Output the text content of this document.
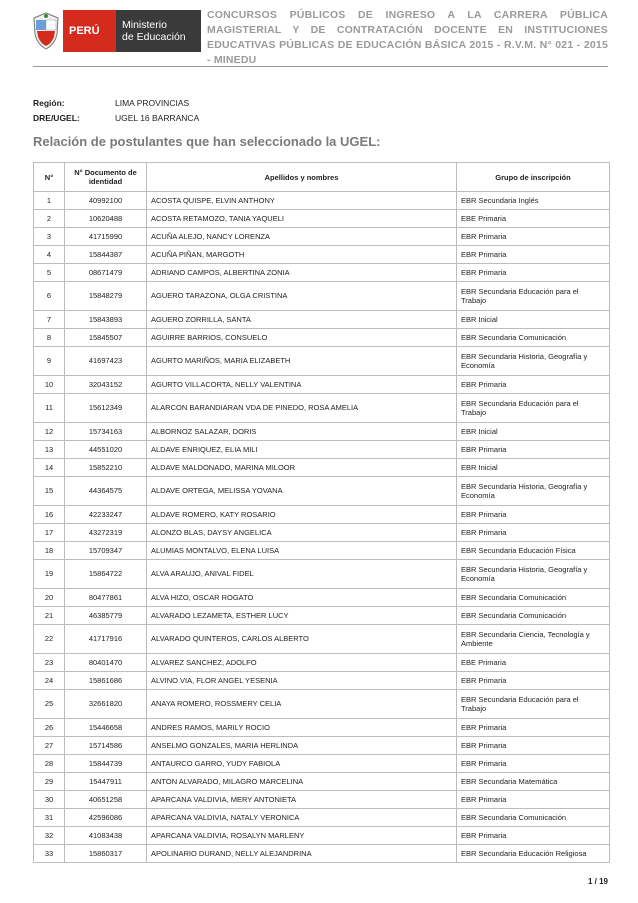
PERÚ	Ministerio
de Educación
CONCURSOS PÚBLICOS DE INGRESO A LA CARRERA PÚBLICA MAGISTERIAL Y DE CONTRATACIÓN DOCENTE EN INSTITUCIONES EDUCATIVAS PÚBLICAS DE EDUCACIÓN BÁSICA 2015 - R.V.M. N° 021 - 2015 - MINEDU
Región:	LIMA PROVINCIAS
DRE/UGEL:	UGEL 16 BARRANCA
Relación de postulantes que han seleccionado la UGEL:
N°	N° Documento de identidad	Apellidos y nombres	Grupo de inscripción
1	40992100	ACOSTA QUISPE, ELVIN ANTHONY	EBR Secundaria Inglés
2	10620488	ACOSTA RETAMOZO, TANIA YAQUELI	EBE Primaria
3	41715990	ACUÑA ALEJO, NANCY LORENZA	EBR Primaria
4	15844387	ACUÑA PIÑAN, MARGOTH	EBR Primaria
5	08671479	ADRIANO CAMPOS, ALBERTINA ZONIA	EBR Primaria
6	15848279	AGUERO TARAZONA, OLGA CRISTINA	EBR Secundaria Educación para el Trabajo
7	15843893	AGUERO ZORRILLA, SANTA	EBR Inicial
8	15845507	AGUIRRE BARRIOS, CONSUELO	EBR Secundaria Comunicación
9	41697423	AGURTO MARIÑOS, MARIA ELIZABETH	EBR Secundaria Historia, Geografía y Economía
10	32043152	AGURTO VILLACORTA, NELLY VALENTINA	EBR Primaria
11	15612349	ALARCON BARANDIARAN VDA DE PINEDO, ROSA AMELIA	EBR Secundaria Educación para el Trabajo
12	15734163	ALBORNOZ SALAZAR, DORIS	EBR Inicial
13	44551020	ALDAVE ENRIQUEZ, ELIA MILI	EBR Primaria
14	15852210	ALDAVE MALDONADO, MARINA MILOOR	EBR Inicial
15	44364575	ALDAVE ORTEGA, MELISSA YOVANA	EBR Secundaria Historia, Geografía y Economía
16	42233247	ALDAVE ROMERO, KATY ROSARIO	EBR Primaria
17	43272319	ALONZO BLAS, DAYSY ANGELICA	EBR Primaria
18	15709347	ALUMIAS MONTALVO, ELENA LUISA	EBR Secundaria Educación Física
19	15864722	ALVA ARAUJO, ANIVAL FIDEL	EBR Secundaria Historia, Geografía y Economía
20	80477861	ALVA HIZO, OSCAR ROGATO	EBR Secundaria Comunicación
21	46385779	ALVARADO LEZAMETA, ESTHER LUCY	EBR Secundaria Comunicación
22	41717916	ALVARADO QUINTEROS, CARLOS ALBERTO	EBR Secundaria Ciencia, Tecnología y Ambiente
23	80401470	ALVAREZ SANCHEZ, ADOLFO	EBE Primaria
24	15861686	ALVINO VIA, FLOR ANGEL YESENIA	EBR Primaria
25	32661820	ANAYA ROMERO, ROSSMERY CELIA	EBR Secundaria Educación para el Trabajo
26	15446658	ANDRES RAMOS, MARILY ROCIO	EBR Primaria
27	15714586	ANSELMO GONZALES, MARIA HERLINDA	EBR Primaria
28	15844739	ANTAURCO GARRO, YUDY FABIOLA	EBR Primaria
29	15447911	ANTON ALVARADO, MILAGRO MARCELINA	EBR Secundaria Matemática
30	40651258	APARCANA VALDIVIA, MERY ANTONIETA	EBR Primaria
31	42596086	APARCANA VALDIVIA, NATALY VERONICA	EBR Secundaria Comunicación
32	41083438	APARCANA VALDIVIA, ROSALYN MARLENY	EBR Primaria
33	15860317	APOLINARIO DURAND, NELLY ALEJANDRINA	EBR Secundaria Educación Religiosa
1 / 19
